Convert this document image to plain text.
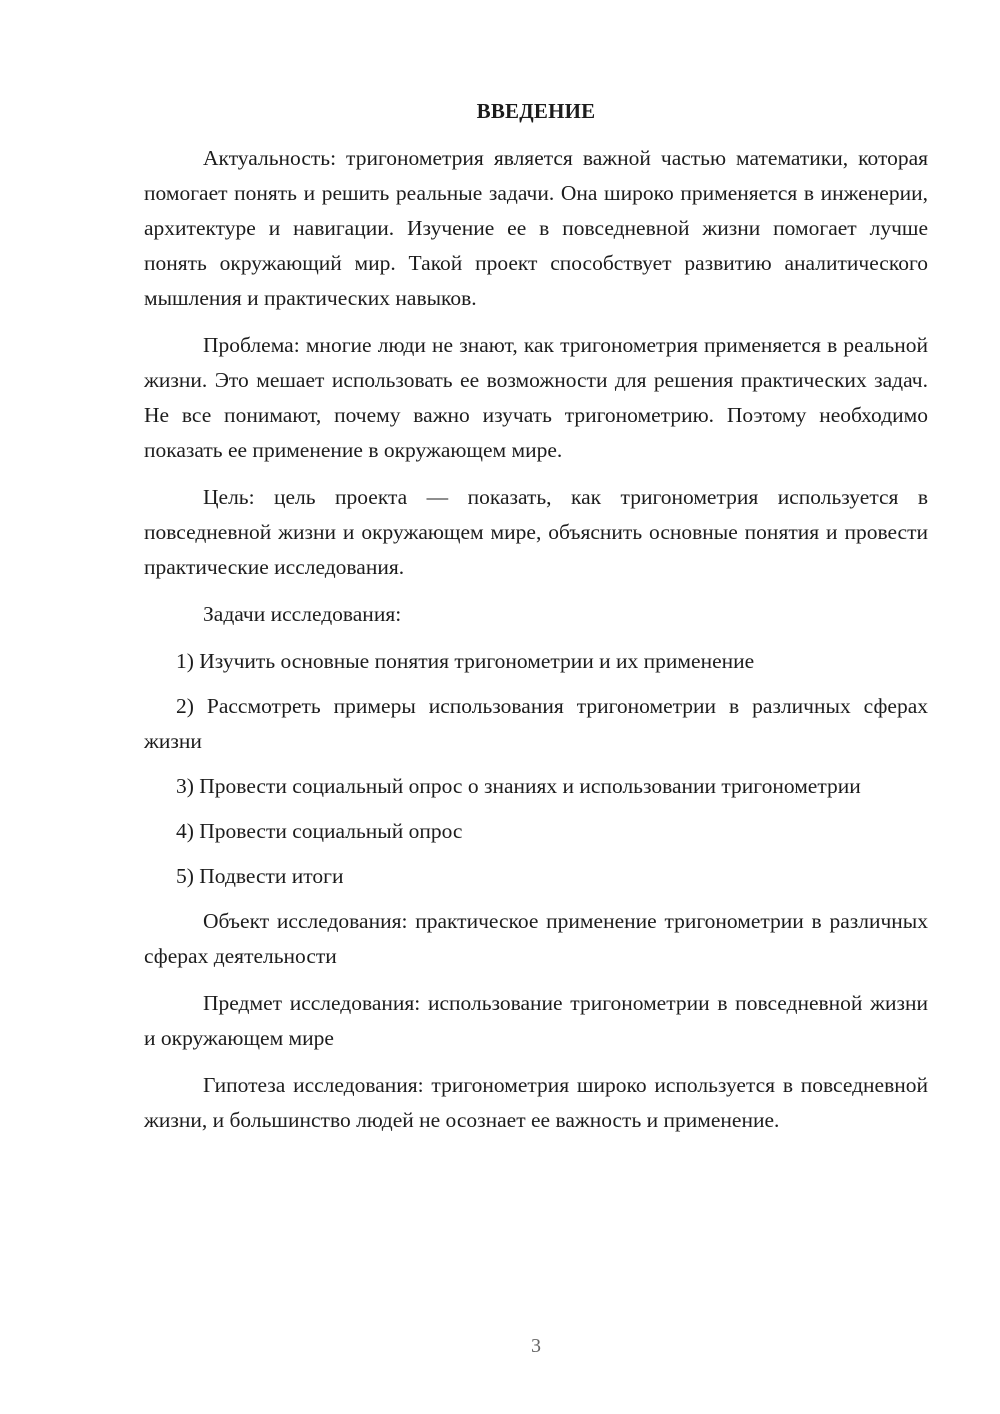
ВВЕДЕНИЕ

Актуальность: тригонометрия является важной частью математики, которая помогает понять и решить реальные задачи. Она широко применяется в инженерии, архитектуре и навигации. Изучение ее в повседневной жизни помогает лучше понять окружающий мир. Такой проект способствует развитию аналитического мышления и практических навыков.

Проблема: многие люди не знают, как тригонометрия применяется в реальной жизни. Это мешает использовать ее возможности для решения практических задач. Не все понимают, почему важно изучать тригонометрию. Поэтому необходимо показать ее применение в окружающем мире.

Цель: цель проекта — показать, как тригонометрия используется в повседневной жизни и окружающем мире, объяснить основные понятия и провести практические исследования.

Задачи исследования:

1) Изучить основные понятия тригонометрии и их применение

2) Рассмотреть примеры использования тригонометрии в различных сферах жизни

3) Провести социальный опрос о знаниях и использовании тригонометрии

4) Провести социальный опрос

5) Подвести итоги

Объект исследования: практическое применение тригонометрии в различных сферах деятельности

Предмет исследования: использование тригонометрии в повседневной жизни и окружающем мире

Гипотеза исследования: тригонометрия широко используется в повседневной жизни, и большинство людей не осознает ее важность и применение.

3
